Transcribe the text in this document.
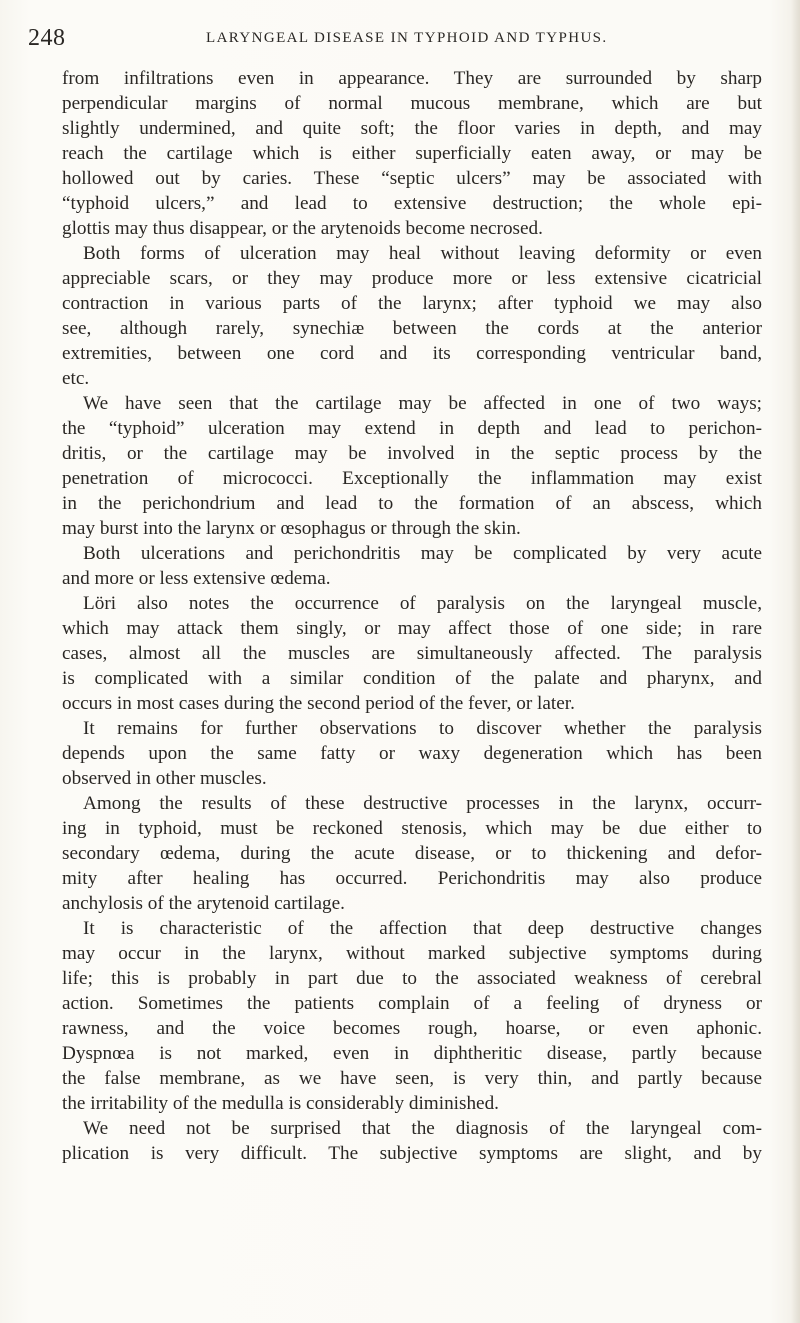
248	LARYNGEAL DISEASE IN TYPHOID AND TYPHUS.
from infiltrations even in appearance. They are surrounded by sharp
perpendicular margins of normal mucous membrane, which are but
slightly undermined, and quite soft; the floor varies in depth, and may
reach the cartilage which is either superficially eaten away, or may be
hollowed out by caries. These “septic ulcers” may be associated with
“typhoid ulcers,” and lead to extensive destruction; the whole epi-
glottis may thus disappear, or the arytenoids become necrosed.
Both forms of ulceration may heal without leaving deformity or even
appreciable scars, or they may produce more or less extensive cicatricial
contraction in various parts of the larynx; after typhoid we may also
see, although rarely, synechiæ between the cords at the anterior
extremities, between one cord and its corresponding ventricular band,
etc.
We have seen that the cartilage may be affected in one of two ways;
the “typhoid” ulceration may extend in depth and lead to perichon-
dritis, or the cartilage may be involved in the septic process by the
penetration of micrococci. Exceptionally the inflammation may exist
in the perichondrium and lead to the formation of an abscess, which
may burst into the larynx or œsophagus or through the skin.
Both ulcerations and perichondritis may be complicated by very acute
and more or less extensive œdema.
Löri also notes the occurrence of paralysis on the laryngeal muscle,
which may attack them singly, or may affect those of one side; in rare
cases, almost all the muscles are simultaneously affected. The paralysis
is complicated with a similar condition of the palate and pharynx, and
occurs in most cases during the second period of the fever, or later.
It remains for further observations to discover whether the paralysis
depends upon the same fatty or waxy degeneration which has been
observed in other muscles.
Among the results of these destructive processes in the larynx, occurr-
ing in typhoid, must be reckoned stenosis, which may be due either to
secondary œdema, during the acute disease, or to thickening and defor-
mity after healing has occurred. Perichondritis may also produce
anchylosis of the arytenoid cartilage.
It is characteristic of the affection that deep destructive changes
may occur in the larynx, without marked subjective symptoms during
life; this is probably in part due to the associated weakness of cerebral
action. Sometimes the patients complain of a feeling of dryness or
rawness, and the voice becomes rough, hoarse, or even aphonic.
Dyspnœa is not marked, even in diphtheritic disease, partly because
the false membrane, as we have seen, is very thin, and partly because
the irritability of the medulla is considerably diminished.
We need not be surprised that the diagnosis of the laryngeal com-
plication is very difficult. The subjective symptoms are slight, and by
